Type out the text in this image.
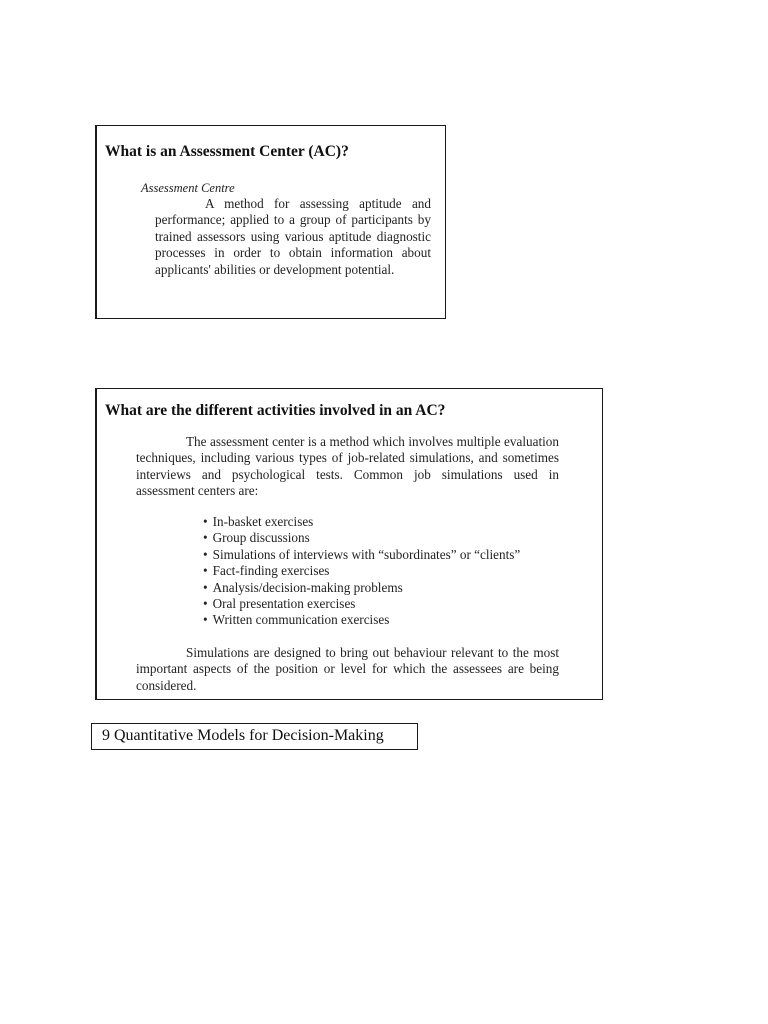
What is an Assessment Center (AC)?
Assessment Centre

A method for assessing aptitude and performance; applied to a group of participants by trained assessors using various aptitude diagnostic processes in order to obtain information about applicants' abilities or development potential.

What are the different activities involved in an AC?

The assessment center is a method which involves multiple evaluation techniques, including various types of job-related simulations, and sometimes interviews and psychological tests. Common job simulations used in assessment centers are:

• In-basket exercises
• Group discussions
• Simulations of interviews with “subordinates” or “clients”
• Fact-finding exercises
• Analysis/decision-making problems
• Oral presentation exercises
• Written communication exercises

Simulations are designed to bring out behaviour relevant to the most important aspects of the position or level for which the assessees are being considered.

9 Quantitative Models for Decision-Making
